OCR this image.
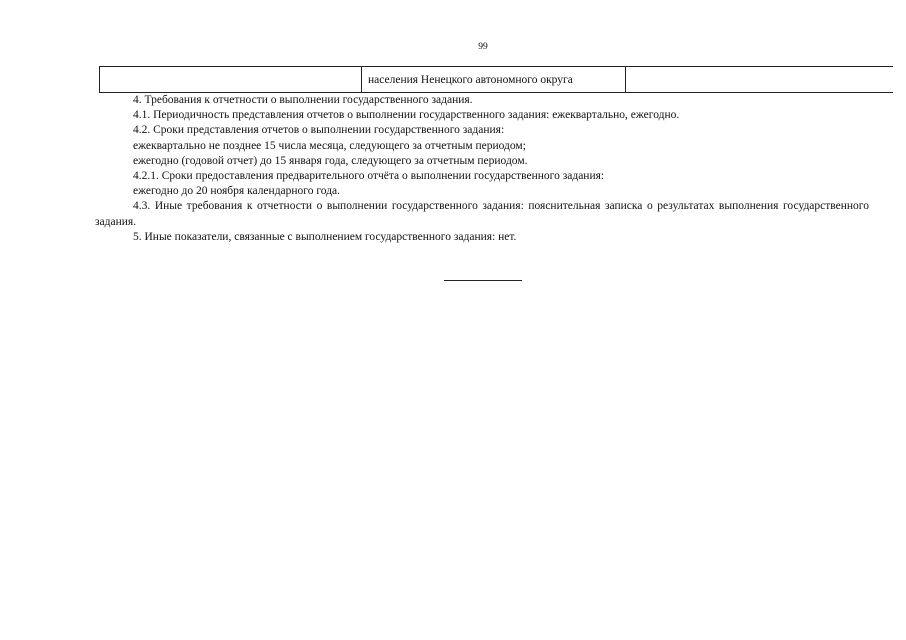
99
населения Ненецкого автономного округа

4. Требования к отчетности о выполнении государственного задания.

4.1. Периодичность представления отчетов о выполнении государственного задания: ежеквартально, ежегодно.

4.2. Сроки представления отчетов о выполнении государственного задания:

ежеквартально не позднее 15 числа месяца, следующего за отчетным периодом;

ежегодно (годовой отчет) до 15 января года, следующего за отчетным периодом.

4.2.1. Сроки предоставления предварительного отчёта о выполнении государственного задания:

ежегодно до 20 ноября календарного года.

4.3. Иные требования к отчетности о выполнении государственного задания: пояснительная записка о результатах выполнения государственного задания.

5. Иные показатели, связанные с выполнением государственного задания: нет.
